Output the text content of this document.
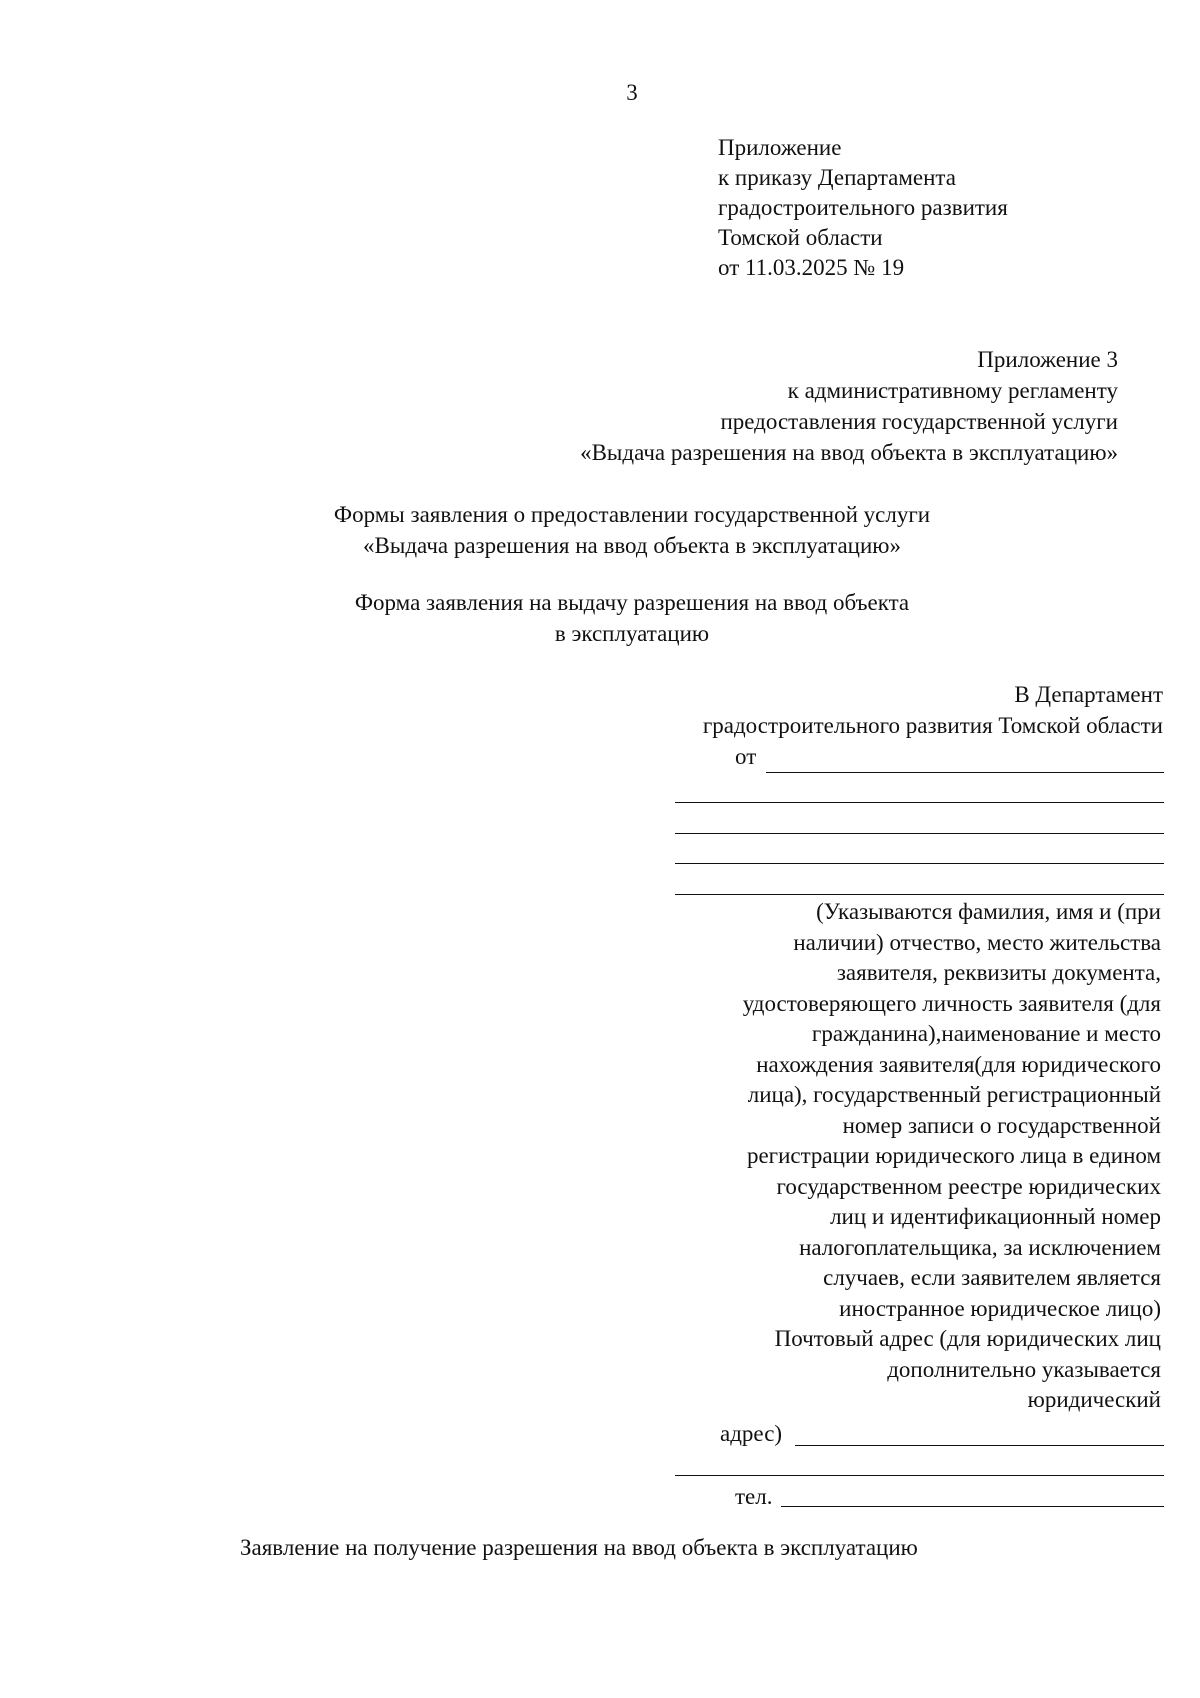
3
Приложение
к приказу Департамента
градостроительного развития
Томской области
от 11.03.2025 № 19
Приложение 3
к административному регламенту
предоставления государственной услуги
«Выдача разрешения на ввод объекта в эксплуатацию»
Формы заявления о предоставлении государственной услуги
«Выдача разрешения на ввод объекта в эксплуатацию»
Форма заявления на выдачу разрешения на ввод объекта
в эксплуатацию
В Департамент
градостроительного развития Томской области
от
(Указываются фамилия, имя и (при
наличии) отчество, место жительства
заявителя, реквизиты документа,
удостоверяющего личность заявителя (для
гражданина),наименование и место
нахождения заявителя(для юридического
лица), государственный регистрационный
номер записи о государственной
регистрации юридического лица в едином
государственном реестре юридических
лиц и идентификационный номер
налогоплательщика, за исключением
случаев, если заявителем является
иностранное юридическое лицо)
Почтовый адрес (для юридических лиц
дополнительно указывается
юридический
адрес)
тел.
Заявление на получение разрешения на ввод объекта в эксплуатацию
